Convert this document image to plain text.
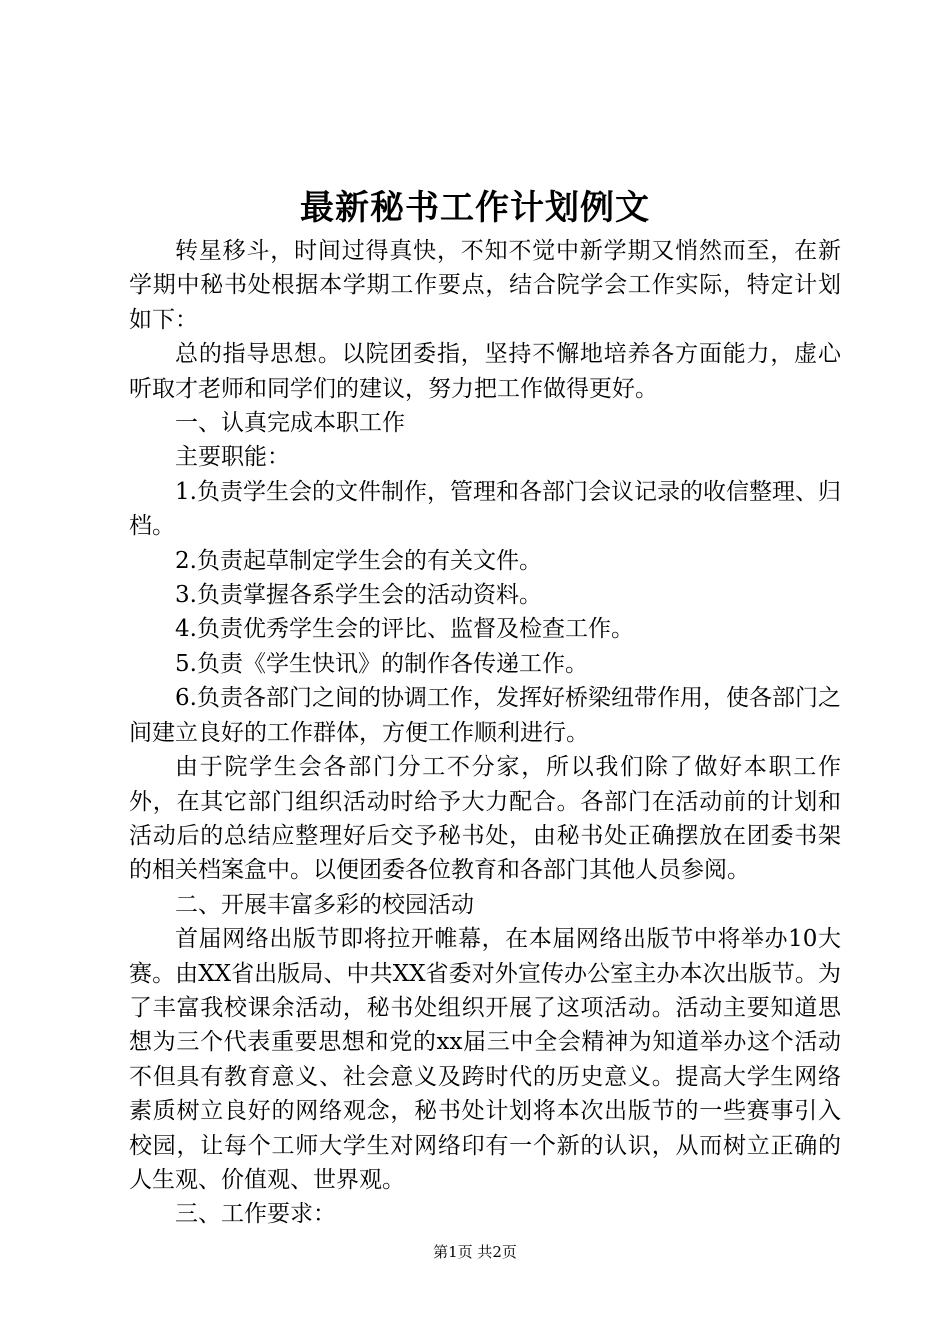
最新秘书工作计划例文

转星移斗，时间过得真快，不知不觉中新学期又悄然而至，在新学期中秘书处根据本学期工作要点，结合院学会工作实际，特定计划如下：

总的指导思想。以院团委指，坚持不懈地培养各方面能力，虚心听取才老师和同学们的建议，努力把工作做得更好。

一、认真完成本职工作

主要职能：

1.负责学生会的文件制作，管理和各部门会议记录的收信整理、归档。

2.负责起草制定学生会的有关文件。

3.负责掌握各系学生会的活动资料。

4.负责优秀学生会的评比、监督及检查工作。

5.负责《学生快讯》的制作各传递工作。

6.负责各部门之间的协调工作，发挥好桥梁纽带作用，使各部门之间建立良好的工作群体，方便工作顺利进行。

由于院学生会各部门分工不分家，所以我们除了做好本职工作外，在其它部门组织活动时给予大力配合。各部门在活动前的计划和活动后的总结应整理好后交予秘书处，由秘书处正确摆放在团委书架的相关档案盒中。以便团委各位教育和各部门其他人员参阅。

二、开展丰富多彩的校园活动

首届网络出版节即将拉开帷幕，在本届网络出版节中将举办10大赛。由XX省出版局、中共XX省委对外宣传办公室主办本次出版节。为了丰富我校课余活动，秘书处组织开展了这项活动。活动主要知道思想为三个代表重要思想和党的xx届三中全会精神为知道举办这个活动不但具有教育意义、社会意义及跨时代的历史意义。提高大学生网络素质树立良好的网络观念，秘书处计划将本次出版节的一些赛事引入校园，让每个工师大学生对网络印有一个新的认识，从而树立正确的人生观、价值观、世界观。

三、工作要求：

第1页 共2页
